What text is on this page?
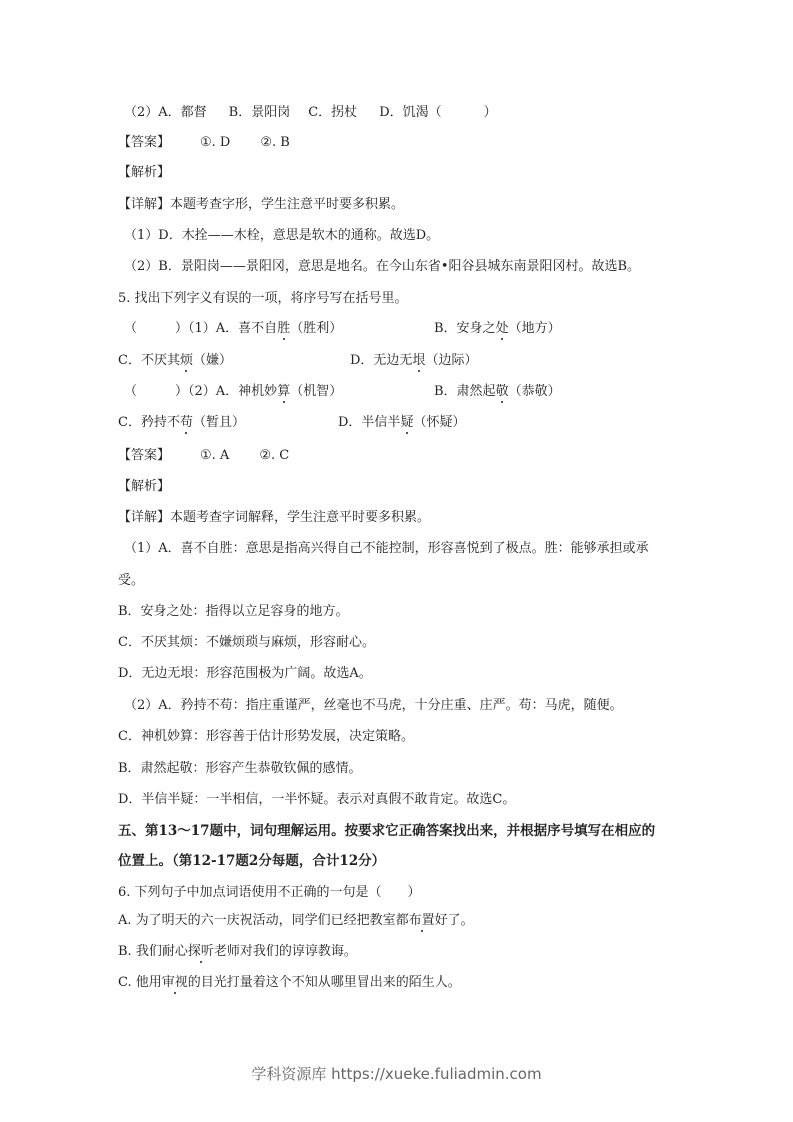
（2）A．都督 B．景阳岗 C．拐杖 D．饥渴（	）
【答案】 ①. D ②. B
【解析】
【详解】本题考查字形，学生注意平时要多积累。
（1）D．木拴——木栓，意思是软木的通称。故选D。
（2）B．景阳岗——景阳冈，意思是地名。在今山东省•阳谷县城东南景阳冈村。故选B。
5. 找出下列字义有误的一项，将序号写在括号里。
（	）（1）A．喜不自胜（胜利）	B．安身之处（地方）
C．不厌其烦（嫌）	D．无边无垠（边际）
（	）（2）A．神机妙算（机智）	B．肃然起敬（恭敬）
C．矜持不苟（暂且）	D．半信半疑（怀疑）
【答案】 ①. A ②. C
【解析】
【详解】本题考查字词解释，学生注意平时要多积累。
（1）A．喜不自胜：意思是指高兴得自己不能控制，形容喜悦到了极点。胜：能够承担或承
受。
B．安身之处：指得以立足容身的地方。
C．不厌其烦：不嫌烦琐与麻烦，形容耐心。
D．无边无垠：形容范围极为广阔。故选A。
（2）A．矜持不苟：指庄重谨严，丝毫也不马虎，十分庄重、庄严。苟：马虎，随便。
C．神机妙算：形容善于估计形势发展，决定策略。
B．肃然起敬：形容产生恭敬钦佩的感情。
D．半信半疑：一半相信，一半怀疑。表示对真假不敢肯定。故选C。
五、第13～17题中，词句理解运用。按要求它正确答案找出来，并根据序号填写在相应的
位置上。（第12-17题2分每题，合计12分）
6. 下列句子中加点词语使用不正确的一句是（　　）
A. 为了明天的六一庆祝活动，同学们已经把教室都布置好了。
B. 我们耐心探听老师对我们的谆谆教诲。
C. 他用审视的目光打量着这个不知从哪里冒出来的陌生人。
学科资源库 https://xueke.fuliadmin.com
